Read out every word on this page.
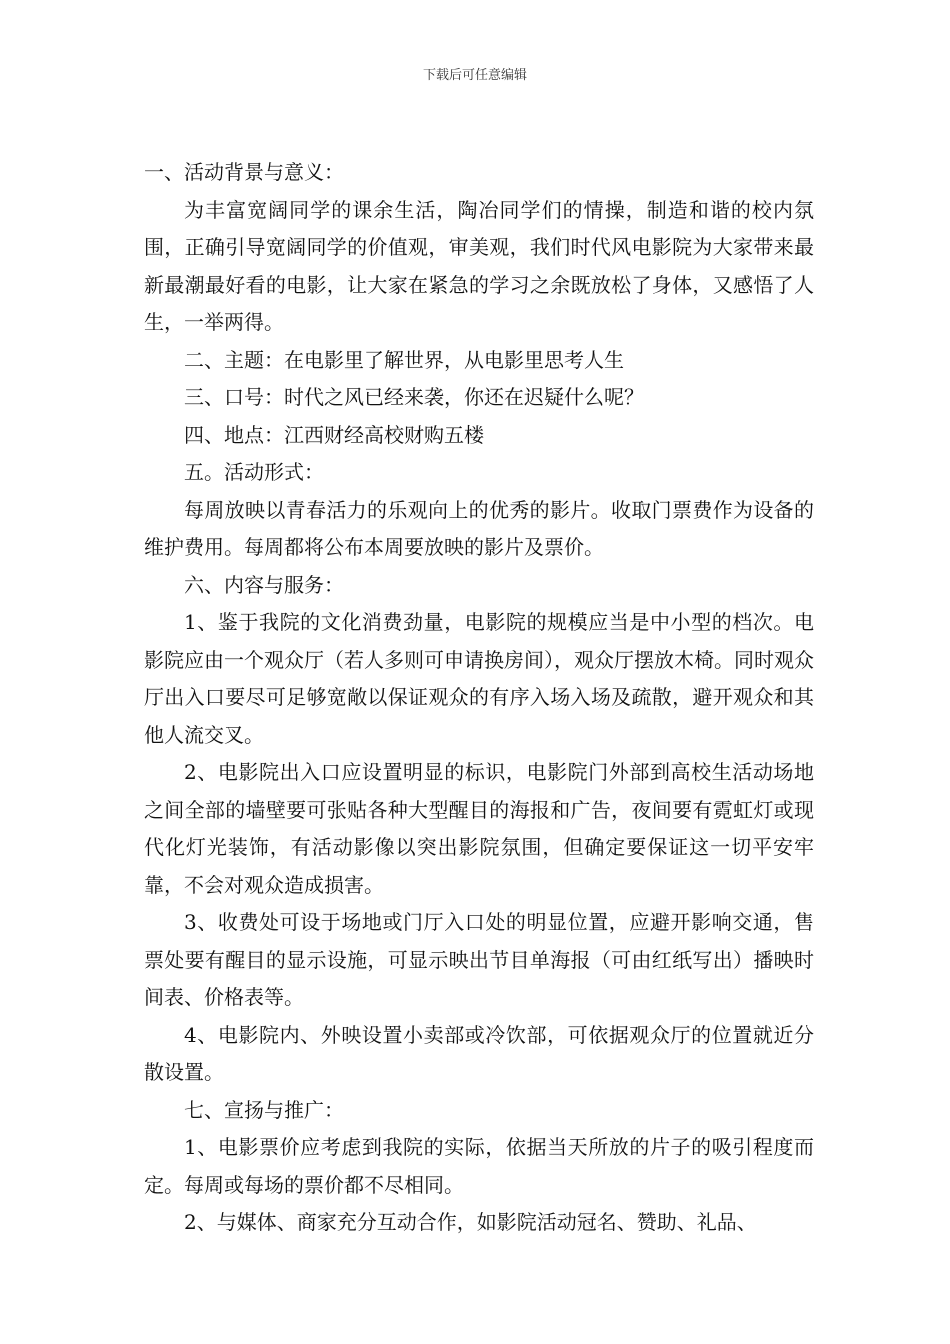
下载后可任意编辑

一、活动背景与意义：

为丰富宽阔同学的课余生活，陶冶同学们的情操，制造和谐的校内氛围，正确引导宽阔同学的价值观，审美观，我们时代风电影院为大家带来最新最潮最好看的电影，让大家在紧急的学习之余既放松了身体，又感悟了人生，一举两得。

二、主题：在电影里了解世界，从电影里思考人生

三、口号：时代之风已经来袭，你还在迟疑什么呢？

四、地点：江西财经高校财购五楼

五。活动形式：

每周放映以青春活力的乐观向上的优秀的影片。收取门票费作为设备的维护费用。每周都将公布本周要放映的影片及票价。

六、内容与服务：

1、鉴于我院的文化消费劲量，电影院的规模应当是中小型的档次。电影院应由一个观众厅（若人多则可申请换房间），观众厅摆放木椅。同时观众厅出入口要尽可足够宽敞以保证观众的有序入场入场及疏散，避开观众和其他人流交叉。

2、电影院出入口应设置明显的标识，电影院门外部到高校生活动场地之间全部的墙壁要可张贴各种大型醒目的海报和广告，夜间要有霓虹灯或现代化灯光装饰，有活动影像以突出影院氛围，但确定要保证这一切平安牢靠，不会对观众造成损害。

3、收费处可设于场地或门厅入口处的明显位置，应避开影响交通，售票处要有醒目的显示设施，可显示映出节目单海报（可由红纸写出）播映时间表、价格表等。

4、电影院内、外映设置小卖部或冷饮部，可依据观众厅的位置就近分散设置。

七、宣扬与推广：

1、电影票价应考虑到我院的实际，依据当天所放的片子的吸引程度而定。每周或每场的票价都不尽相同。

2、与媒体、商家充分互动合作，如影院活动冠名、赞助、礼品、
